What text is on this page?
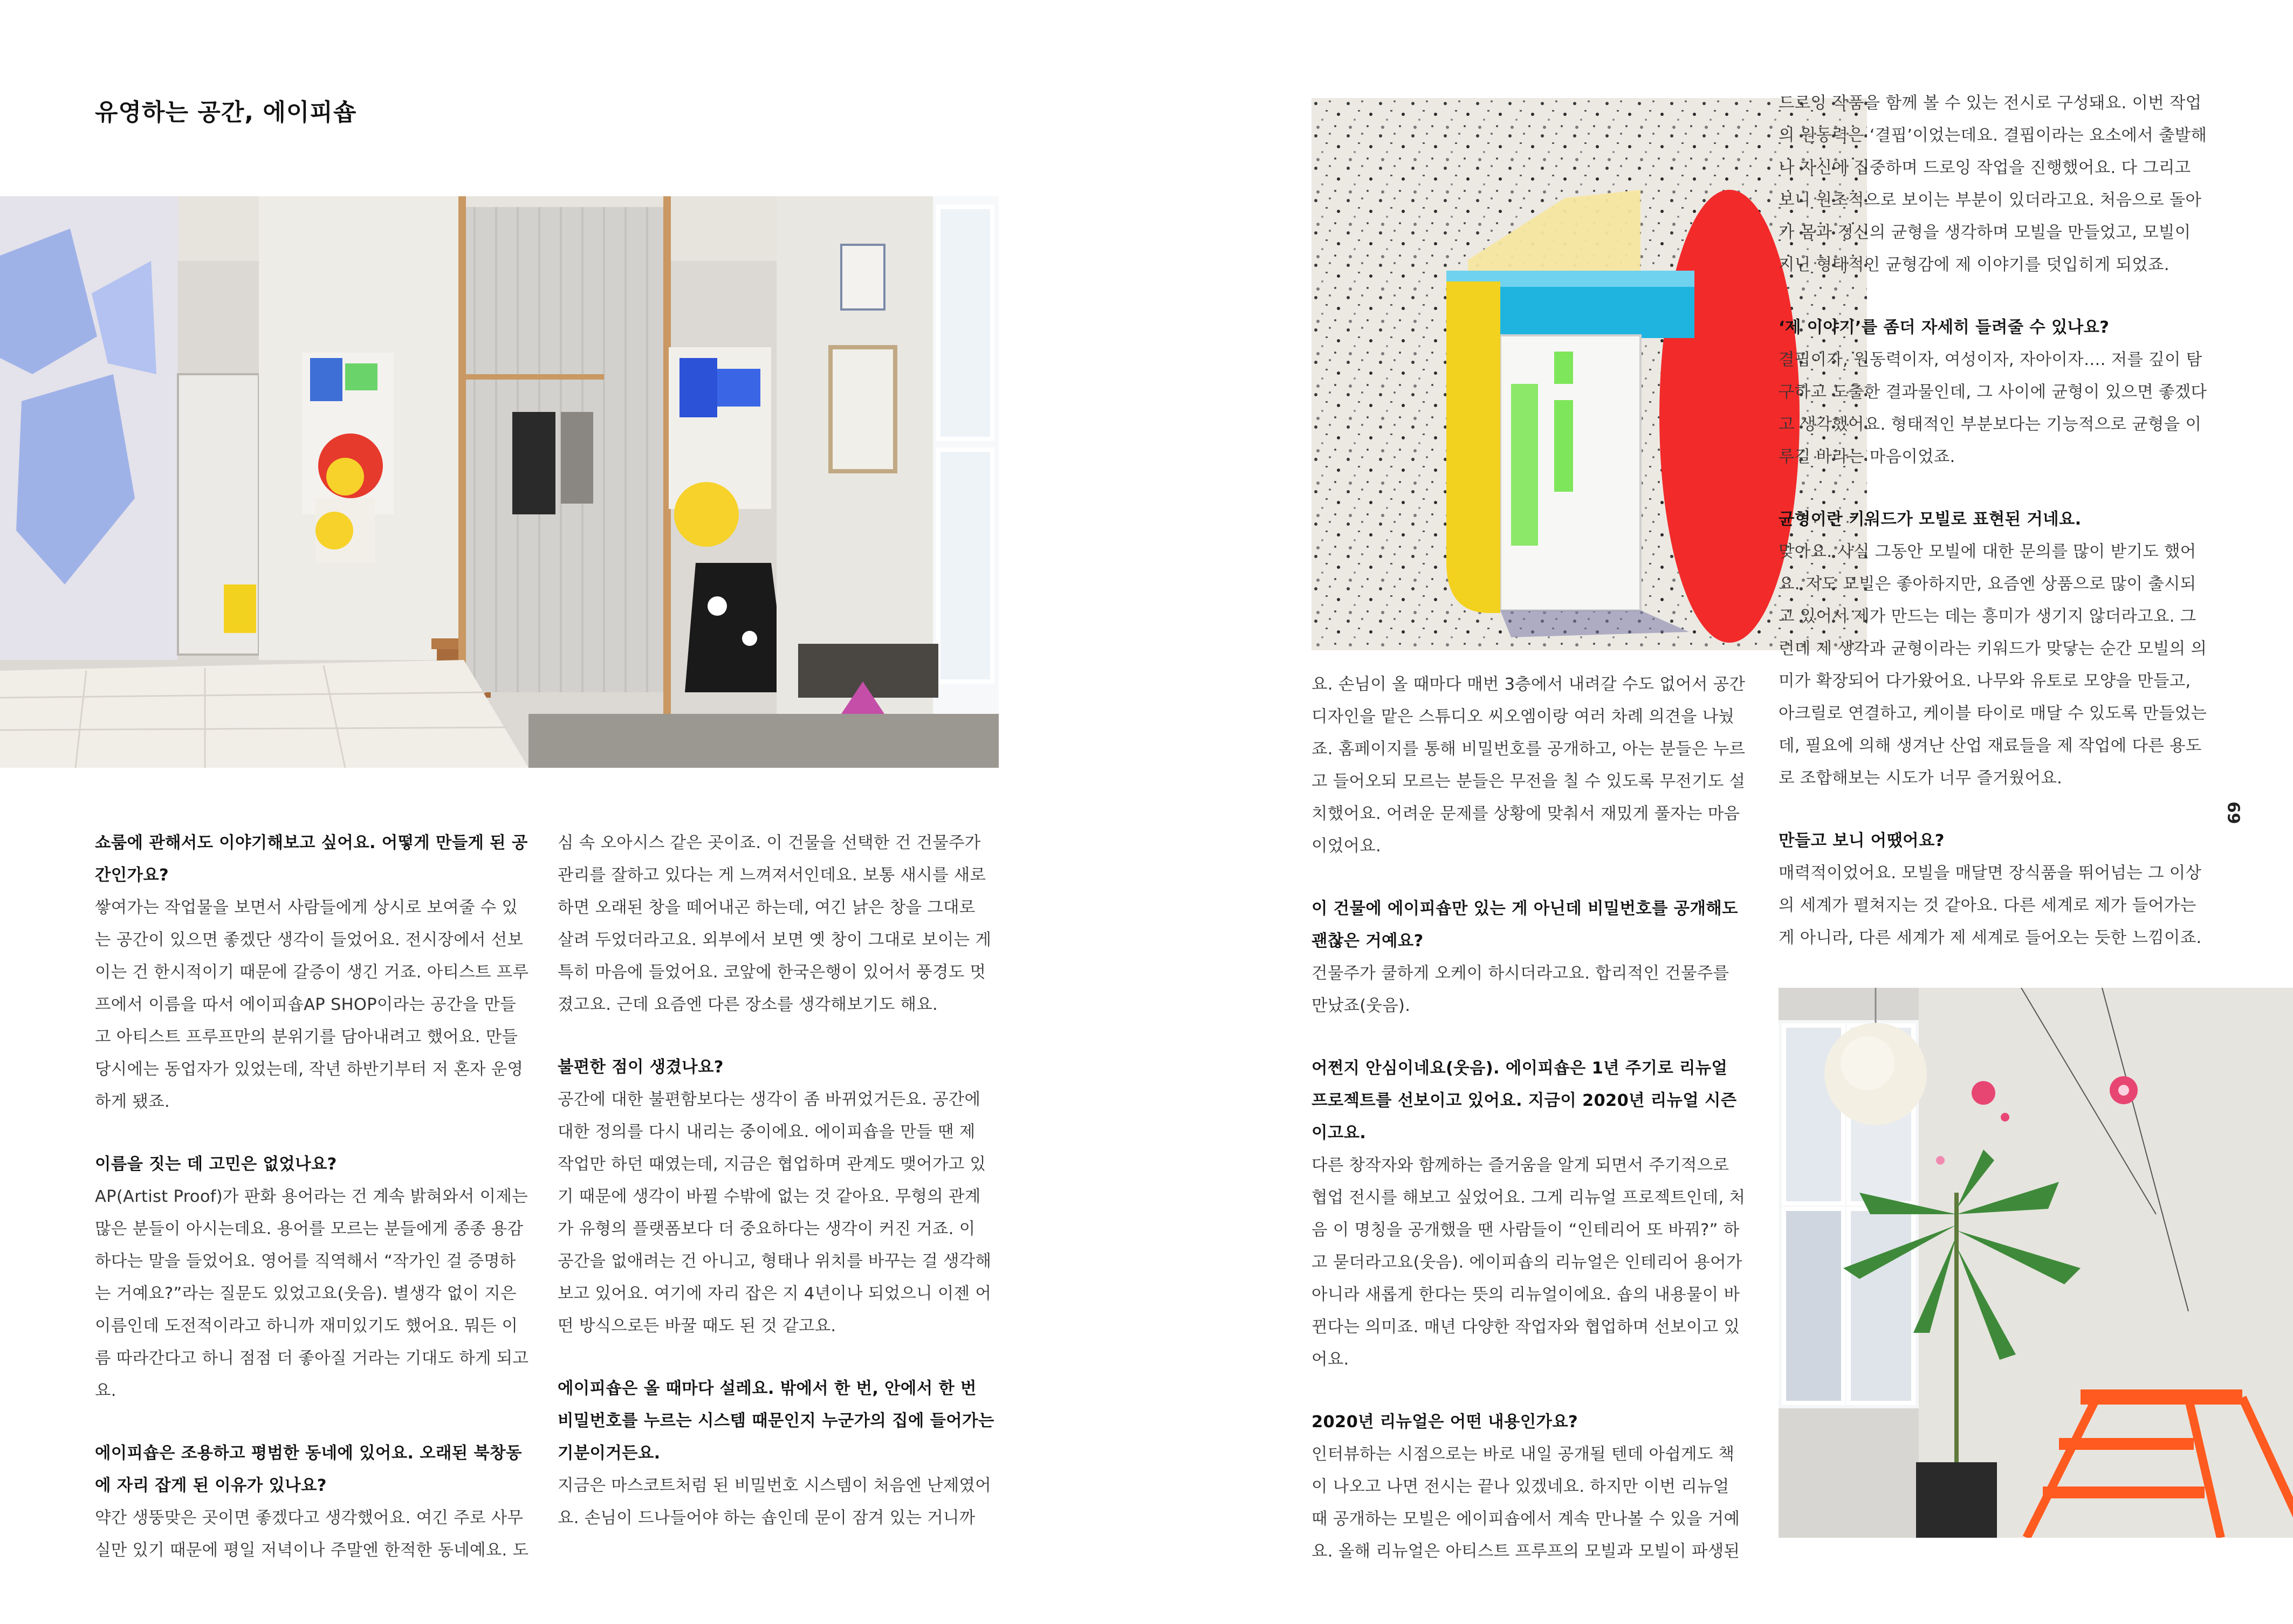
유영하는 공간, 에이피숍

쇼룸에 관해서도 이야기해보고 싶어요. 어떻게 만들게 된 공간인가요?

쌓여가는 작업물을 보면서 사람들에게 상시로 보여줄 수 있는 공간이 있으면 좋겠단 생각이 들었어요. 전시장에서 선보이는 건 한시적이기 때문에 갈증이 생긴 거죠. 아티스트 프루프에서 이름을 따서 에이피숍AP SHOP이라는 공간을 만들고 아티스트 프루프만의 분위기를 담아내려고 했어요. 만들 당시에는 동업자가 있었는데, 작년 하반기부터 저 혼자 운영하게 됐죠.

이름을 짓는 데 고민은 없었나요?

AP(Artist Proof)가 판화 용어라는 건 계속 밝혀와서 이제는 많은 분들이 아시는데요. 용어를 모르는 분들에게 종종 용감하다는 말을 들었어요. 영어를 직역해서 “작가인 걸 증명하는 거예요?”라는 질문도 있었고요(웃음). 별생각 없이 지은 이름인데 도전적이라고 하니까 재미있기도 했어요. 뭐든 이름 따라간다고 하니 점점 더 좋아질 거라는 기대도 하게 되고요.

에이피숍은 조용하고 평범한 동네에 있어요. 오래된 북창동에 자리 잡게 된 이유가 있나요?

약간 생뚱맞은 곳이면 좋겠다고 생각했어요. 여긴 주로 사무실만 있기 때문에 평일 저녁이나 주말엔 한적한 동네예요. 도

심 속 오아시스 같은 곳이죠. 이 건물을 선택한 건 건물주가 관리를 잘하고 있다는 게 느껴져서인데요. 보통 새시를 새로 하면 오래된 창을 떼어내곤 하는데, 여긴 낡은 창을 그대로 살려 두었더라고요. 외부에서 보면 옛 창이 그대로 보이는 게 특히 마음에 들었어요. 코앞에 한국은행이 있어서 풍경도 멋졌고요. 근데 요즘엔 다른 장소를 생각해보기도 해요.

불편한 점이 생겼나요?

공간에 대한 불편함보다는 생각이 좀 바뀌었거든요. 공간에 대한 정의를 다시 내리는 중이에요. 에이피숍을 만들 땐 제 작업만 하던 때였는데, 지금은 협업하며 관계도 맺어가고 있기 때문에 생각이 바뀔 수밖에 없는 것 같아요. 무형의 관계가 유형의 플랫폼보다 더 중요하다는 생각이 커진 거죠. 이 공간을 없애려는 건 아니고, 형태나 위치를 바꾸는 걸 생각해보고 있어요. 여기에 자리 잡은 지 4년이나 되었으니 이젠 어떤 방식으로든 바꿀 때도 된 것 같고요.

에이피숍은 올 때마다 설레요. 밖에서 한 번, 안에서 한 번 비밀번호를 누르는 시스템 때문인지 누군가의 집에 들어가는 기분이거든요.

지금은 마스코트처럼 된 비밀번호 시스템이 처음엔 난제였어요. 손님이 드나들어야 하는 숍인데 문이 잠겨 있는 거니까

요. 손님이 올 때마다 매번 3층에서 내려갈 수도 없어서 공간 디자인을 맡은 스튜디오 씨오엠이랑 여러 차례 의견을 나눴죠. 홈페이지를 통해 비밀번호를 공개하고, 아는 분들은 누르고 들어오되 모르는 분들은 무전을 칠 수 있도록 무전기도 설치했어요. 어려운 문제를 상황에 맞춰서 재밌게 풀자는 마음이었어요.

이 건물에 에이피숍만 있는 게 아닌데 비밀번호를 공개해도 괜찮은 거예요?

건물주가 쿨하게 오케이 하시더라고요. 합리적인 건물주를 만났죠(웃음).

어쩐지 안심이네요(웃음). 에이피숍은 1년 주기로 리뉴얼 프로젝트를 선보이고 있어요. 지금이 2020년 리뉴얼 시즌이고요.

다른 창작자와 함께하는 즐거움을 알게 되면서 주기적으로 협업 전시를 해보고 싶었어요. 그게 리뉴얼 프로젝트인데, 처음 이 명칭을 공개했을 땐 사람들이 “인테리어 또 바꿔?” 하고 묻더라고요(웃음). 에이피숍의 리뉴얼은 인테리어 용어가 아니라 새롭게 한다는 뜻의 리뉴얼이에요. 숍의 내용물이 바뀐다는 의미죠. 매년 다양한 작업자와 협업하며 선보이고 있어요.

2020년 리뉴얼은 어떤 내용인가요?

인터뷰하는 시점으로는 바로 내일 공개될 텐데 아쉽게도 책이 나오고 나면 전시는 끝나 있겠네요. 하지만 이번 리뉴얼 때 공개하는 모빌은 에이피숍에서 계속 만나볼 수 있을 거예요. 올해 리뉴얼은 아티스트 프루프의 모빌과 모빌이 파생된

드로잉 작품을 함께 볼 수 있는 전시로 구성돼요. 이번 작업의 원동력은 ‘결핍’이었는데요. 결핍이라는 요소에서 출발해 나 자신에 집중하며 드로잉 작업을 진행했어요. 다 그리고 보니 원초적으로 보이는 부분이 있더라고요. 처음으로 돌아가 몸과 정신의 균형을 생각하며 모빌을 만들었고, 모빌이 지닌 형태적인 균형감에 제 이야기를 덧입히게 되었죠.

‘제 이야기’를 좀더 자세히 들려줄 수 있나요?

결핍이자, 원동력이자, 여성이자, 자아이자…. 저를 깊이 탐구하고 도출한 결과물인데, 그 사이에 균형이 있으면 좋겠다고 생각했어요. 형태적인 부분보다는 기능적으로 균형을 이루길 바라는 마음이었죠.

균형이란 키워드가 모빌로 표현된 거네요.

맞아요. 사실 그동안 모빌에 대한 문의를 많이 받기도 했어요. 저도 모빌은 좋아하지만, 요즘엔 상품으로 많이 출시되고 있어서 제가 만드는 데는 흥미가 생기지 않더라고요. 그런데 제 생각과 균형이라는 키워드가 맞닿는 순간 모빌의 의미가 확장되어 다가왔어요. 나무와 유토로 모양을 만들고, 아크릴로 연결하고, 케이블 타이로 매달 수 있도록 만들었는데, 필요에 의해 생겨난 산업 재료들을 제 작업에 다른 용도로 조합해보는 시도가 너무 즐거웠어요.

만들고 보니 어땠어요?

매력적이었어요. 모빌을 매달면 장식품을 뛰어넘는 그 이상의 세계가 펼쳐지는 것 같아요. 다른 세계로 제가 들어가는 게 아니라, 다른 세계가 제 세계로 들어오는 듯한 느낌이죠.

69
